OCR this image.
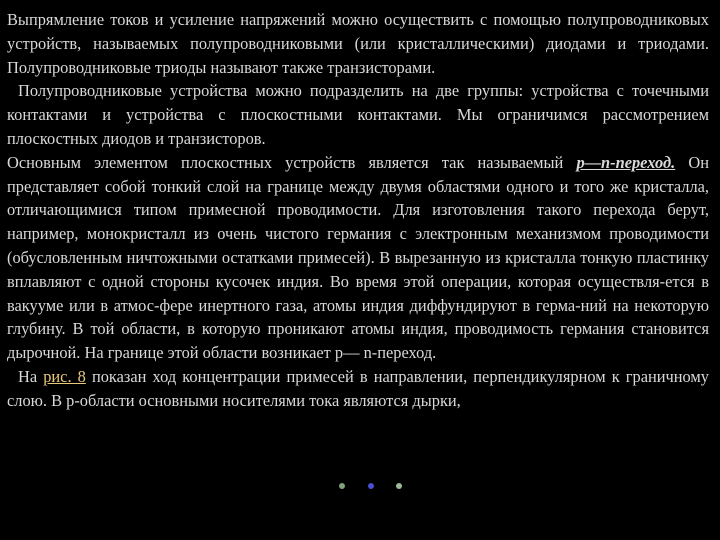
Выпрямление токов и усиление напряжений можно осуществить с помощью полупроводниковых устройств, называемых полупроводниковыми (или кристаллическими) диодами и триодами. Полупроводниковые триоды называют также транзисторами.

Полупроводниковые устройства можно подразделить на две группы: устройства с точечными контактами и устройства с плоскостными контактами. Мы ограничимся рассмотрением плоскостных диодов и транзисторов.

Основным элементом плоскостных устройств является так называемый р—n-переход. Он представляет собой тонкий слой на границе между двумя областями одного и того же кристалла, отличающимися типом примесной проводимости. Для изготовления такого перехода берут, например, монокристалл из очень чистого германия с электронным механизмом проводимости (обусловленным ничтожными остатками примесей). В вырезанную из кристалла тонкую пластинку вплавляют с одной стороны кусочек индия. Во время этой операции, которая осуществля-ется в вакууме или в атмос-фере инертного газа, атомы индия диффундируют в герма-ний на некоторую глубину. В той области, в которую проникают атомы индия, проводимость германия становится дырочной. На границе этой области возникает р— n-переход.

На рис. 8 показан ход концентрации примесей в направлении, перпендикулярном к граничному слою. В р-области основными носителями тока являются дырки,
